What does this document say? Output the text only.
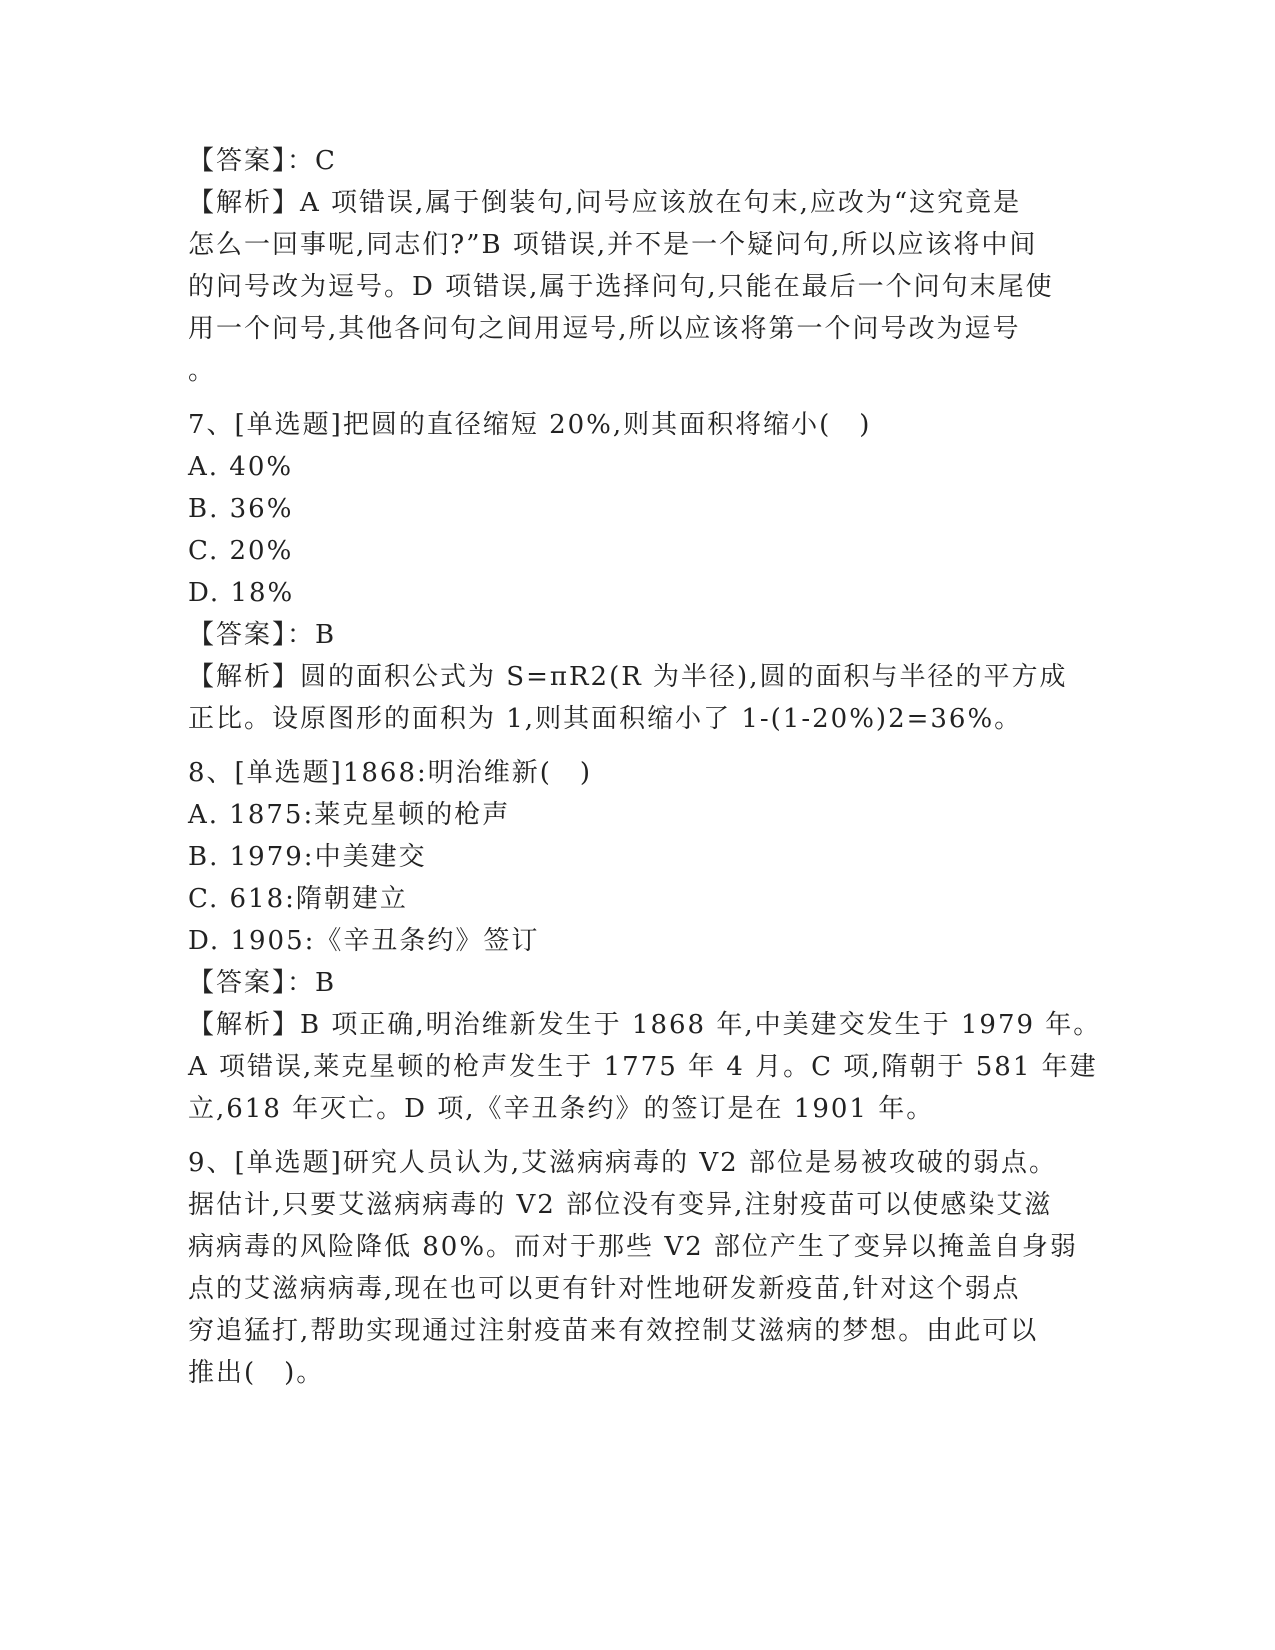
【答案】：C
【解析】A 项错误,属于倒装句,问号应该放在句末,应改为“这究竟是
怎么一回事呢,同志们?”B 项错误,并不是一个疑问句,所以应该将中间
的问号改为逗号。D 项错误,属于选择问句,只能在最后一个问句末尾使
用一个问号,其他各问句之间用逗号,所以应该将第一个问号改为逗号
。
7、[单选题]把圆的直径缩短 20%,则其面积将缩小(　)
A. 40%
B. 36%
C. 20%
D. 18%
【答案】：B
【解析】圆的面积公式为 S=πR2(R 为半径),圆的面积与半径的平方成
正比。设原图形的面积为 1,则其面积缩小了 1-(1-20%)2=36%。
8、[单选题]1868:明治维新(　)
A. 1875:莱克星顿的枪声
B. 1979:中美建交
C. 618:隋朝建立
D. 1905:《辛丑条约》签订
【答案】：B
【解析】B 项正确,明治维新发生于 1868 年,中美建交发生于 1979 年。
A 项错误,莱克星顿的枪声发生于 1775 年 4 月。C 项,隋朝于 581 年建
立,618 年灭亡。D 项,《辛丑条约》的签订是在 1901 年。
9、[单选题]研究人员认为,艾滋病病毒的 V2 部位是易被攻破的弱点。
据估计,只要艾滋病病毒的 V2 部位没有变异,注射疫苗可以使感染艾滋
病病毒的风险降低 80%。而对于那些 V2 部位产生了变异以掩盖自身弱
点的艾滋病病毒,现在也可以更有针对性地研发新疫苗,针对这个弱点
穷追猛打,帮助实现通过注射疫苗来有效控制艾滋病的梦想。由此可以
推出(　)。
